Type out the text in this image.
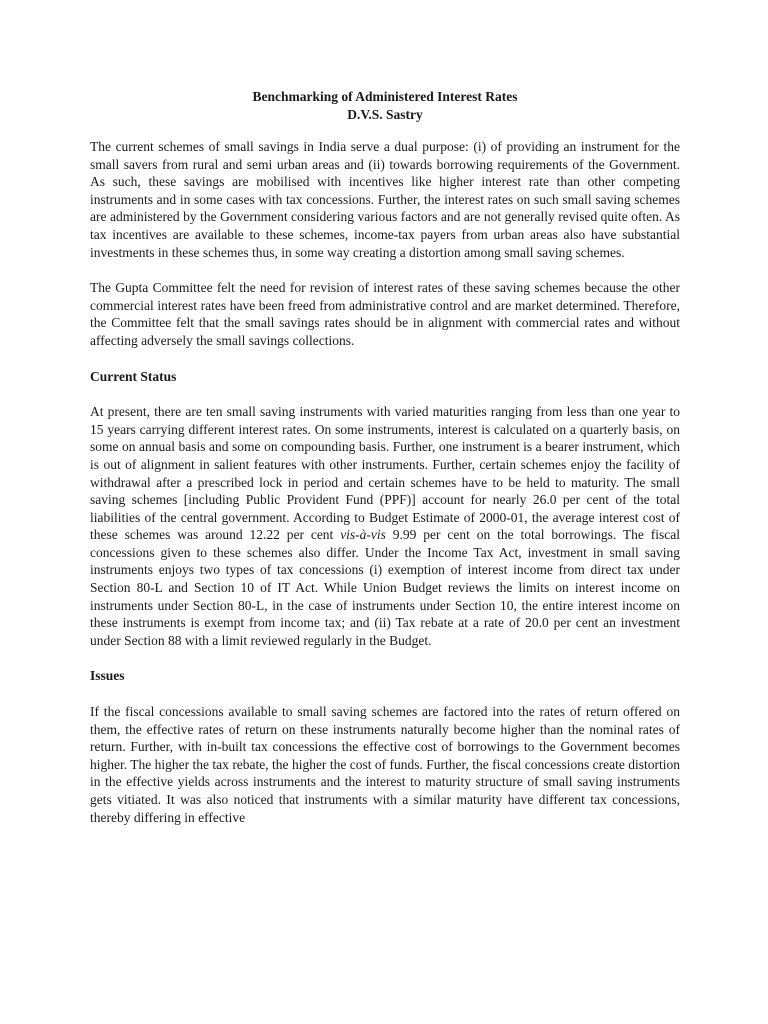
Benchmarking of Administered Interest Rates
D.V.S. Sastry

The current schemes of small savings in India serve a dual purpose: (i) of providing an instrument for the small savers from rural and semi urban areas and (ii) towards borrowing requirements of the Government. As such, these savings are mobilised with incentives like higher interest rate than other competing instruments and in some cases with tax concessions. Further, the interest rates on such small saving schemes are administered by the Government considering various factors and are not generally revised quite often. As tax incentives are available to these schemes, income-tax payers from urban areas also have substantial investments in these schemes thus, in some way creating a distortion among small saving schemes.

The Gupta Committee felt the need for revision of interest rates of these saving schemes because the other commercial interest rates have been freed from administrative control and are market determined. Therefore, the Committee felt that the small savings rates should be in alignment with commercial rates and without affecting adversely the small savings collections.

Current Status

At present, there are ten small saving instruments with varied maturities ranging from less than one year to 15 years carrying different interest rates. On some instruments, interest is calculated on a quarterly basis, on some on annual basis and some on compounding basis. Further, one instrument is a bearer instrument, which is out of alignment in salient features with other instruments. Further, certain schemes enjoy the facility of withdrawal after a prescribed lock in period and certain schemes have to be held to maturity. The small saving schemes [including Public Provident Fund (PPF)] account for nearly 26.0 per cent of the total liabilities of the central government. According to Budget Estimate of 2000-01, the average interest cost of these schemes was around 12.22 per cent vis-à-vis 9.99 per cent on the total borrowings. The fiscal concessions given to these schemes also differ. Under the Income Tax Act, investment in small saving instruments enjoys two types of tax concessions (i) exemption of interest income from direct tax under Section 80-L and Section 10 of IT Act. While Union Budget reviews the limits on interest income on instruments under Section 80-L, in the case of instruments under Section 10, the entire interest income on these instruments is exempt from income tax; and (ii) Tax rebate at a rate of 20.0 per cent an investment under Section 88 with a limit reviewed regularly in the Budget.

Issues

If the fiscal concessions available to small saving schemes are factored into the rates of return offered on them, the effective rates of return on these instruments naturally become higher than the nominal rates of return. Further, with in-built tax concessions the effective cost of borrowings to the Government becomes higher. The higher the tax rebate, the higher the cost of funds. Further, the fiscal concessions create distortion in the effective yields across instruments and the interest to maturity structure of small saving instruments gets vitiated. It was also noticed that instruments with a similar maturity have different tax concessions, thereby differing in effective
